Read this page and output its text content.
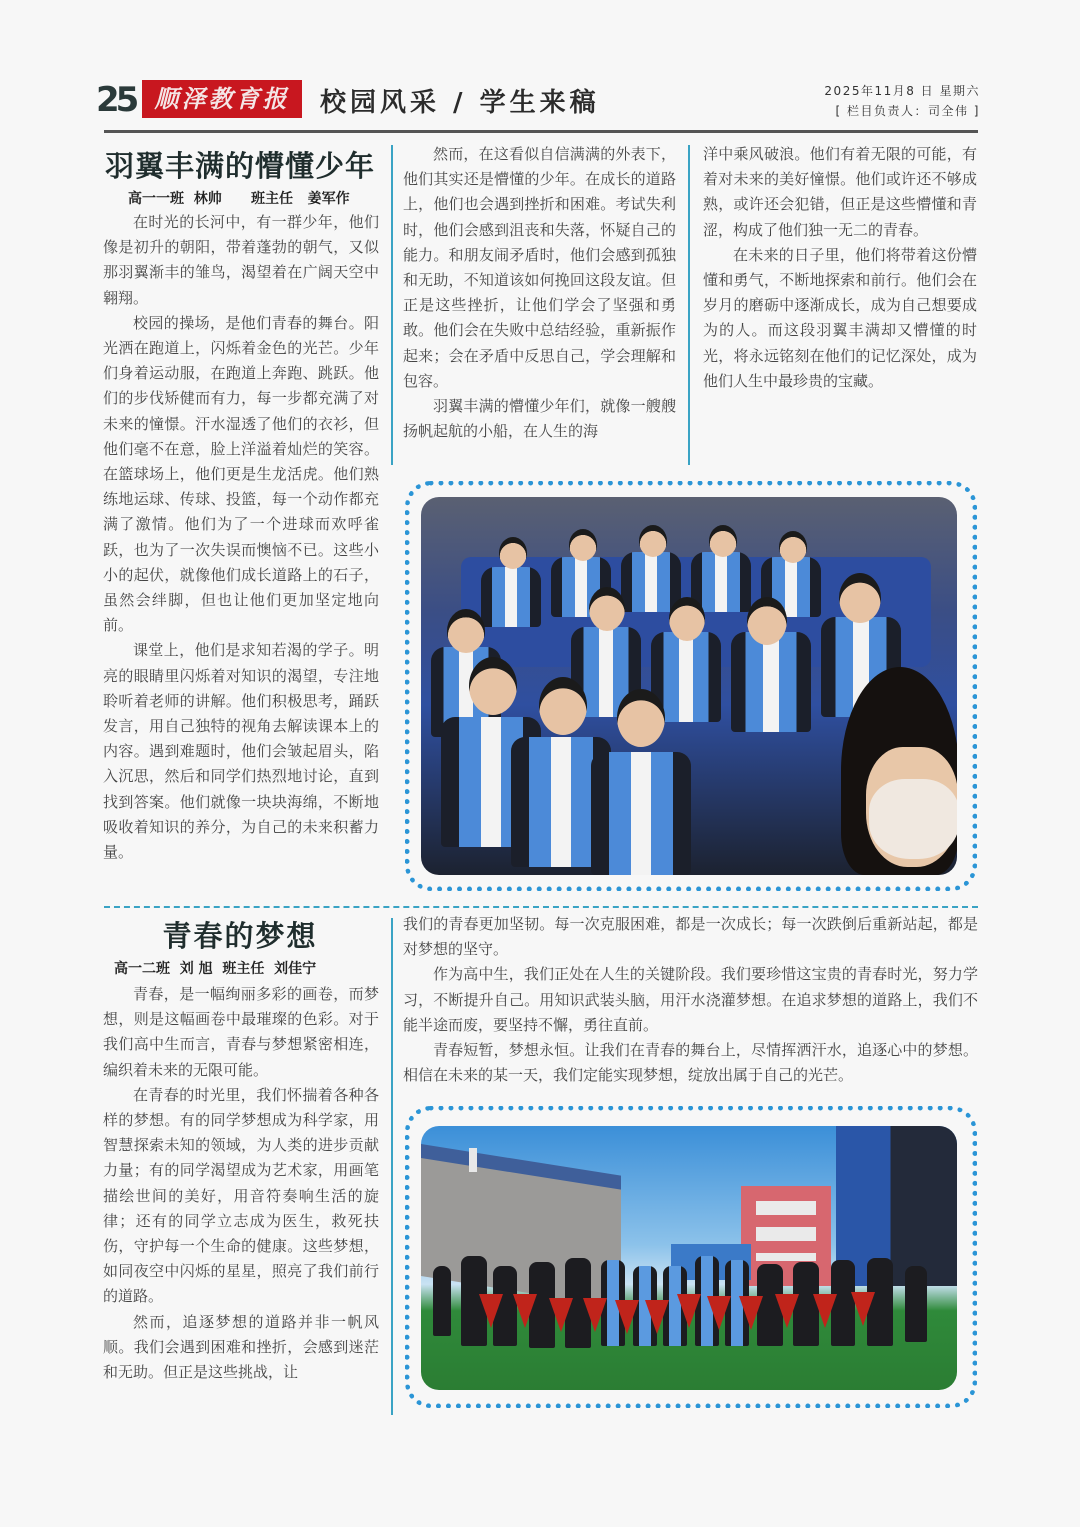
25 顺泽教育报	校园风采 / 学生来稿	2025年11月8 日 星期六
[ 栏目负责人：司全伟 ]
羽翼丰满的懵懂少年
高一一班  林帅      班主任   姜军作

在时光的长河中，有一群少年，他们像是初升的朝阳，带着蓬勃的朝气，又似那羽翼渐丰的雏鸟，渴望着在广阔天空中翱翔。

校园的操场，是他们青春的舞台。阳光洒在跑道上，闪烁着金色的光芒。少年们身着运动服，在跑道上奔跑、跳跃。他们的步伐矫健而有力，每一步都充满了对未来的憧憬。汗水湿透了他们的衣衫，但他们毫不在意，脸上洋溢着灿烂的笑容。在篮球场上，他们更是生龙活虎。他们熟练地运球、传球、投篮，每一个动作都充满了激情。他们为了一个进球而欢呼雀跃，也为了一次失误而懊恼不已。这些小小的起伏，就像他们成长道路上的石子，虽然会绊脚，但也让他们更加坚定地向前。

课堂上，他们是求知若渴的学子。明亮的眼睛里闪烁着对知识的渴望，专注地聆听着老师的讲解。他们积极思考，踊跃发言，用自己独特的视角去解读课本上的内容。遇到难题时，他们会皱起眉头，陷入沉思，然后和同学们热烈地讨论，直到找到答案。他们就像一块块海绵，不断地吸收着知识的养分，为自己的未来积蓄力量。

然而，在这看似自信满满的外表下，他们其实还是懵懂的少年。在成长的道路上，他们也会遇到挫折和困难。考试失利时，他们会感到沮丧和失落，怀疑自己的能力。和朋友闹矛盾时，他们会感到孤独和无助，不知道该如何挽回这段友谊。但正是这些挫折，让他们学会了坚强和勇敢。他们会在失败中总结经验，重新振作起来；会在矛盾中反思自己，学会理解和包容。

羽翼丰满的懵懂少年们，就像一艘艘扬帆起航的小船，在人生的海

洋中乘风破浪。他们有着无限的可能，有着对未来的美好憧憬。他们或许还不够成熟，或许还会犯错，但正是这些懵懂和青涩，构成了他们独一无二的青春。

在未来的日子里，他们将带着这份懵懂和勇气，不断地探索和前行。他们会在岁月的磨砺中逐渐成长，成为自己想要成为的人。而这段羽翼丰满却又懵懂的时光，将永远铭刻在他们的记忆深处，成为他们人生中最珍贵的宝藏。

青春的梦想
高一二班  刘 旭  班主任  刘佳宁

青春，是一幅绚丽多彩的画卷，而梦想，则是这幅画卷中最璀璨的色彩。对于我们高中生而言，青春与梦想紧密相连，编织着未来的无限可能。

在青春的时光里，我们怀揣着各种各样的梦想。有的同学梦想成为科学家，用智慧探索未知的领域，为人类的进步贡献力量；有的同学渴望成为艺术家，用画笔描绘世间的美好，用音符奏响生活的旋律；还有的同学立志成为医生，救死扶伤，守护每一个生命的健康。这些梦想，如同夜空中闪烁的星星，照亮了我们前行的道路。

然而，追逐梦想的道路并非一帆风顺。我们会遇到困难和挫折，会感到迷茫和无助。但正是这些挑战，让

我们的青春更加坚韧。每一次克服困难，都是一次成长；每一次跌倒后重新站起，都是对梦想的坚守。

作为高中生，我们正处在人生的关键阶段。我们要珍惜这宝贵的青春时光，努力学习，不断提升自己。用知识武装头脑，用汗水浇灌梦想。在追求梦想的道路上，我们不能半途而废，要坚持不懈，勇往直前。

青春短暂，梦想永恒。让我们在青春的舞台上，尽情挥洒汗水，追逐心中的梦想。相信在未来的某一天，我们定能实现梦想，绽放出属于自己的光芒。
